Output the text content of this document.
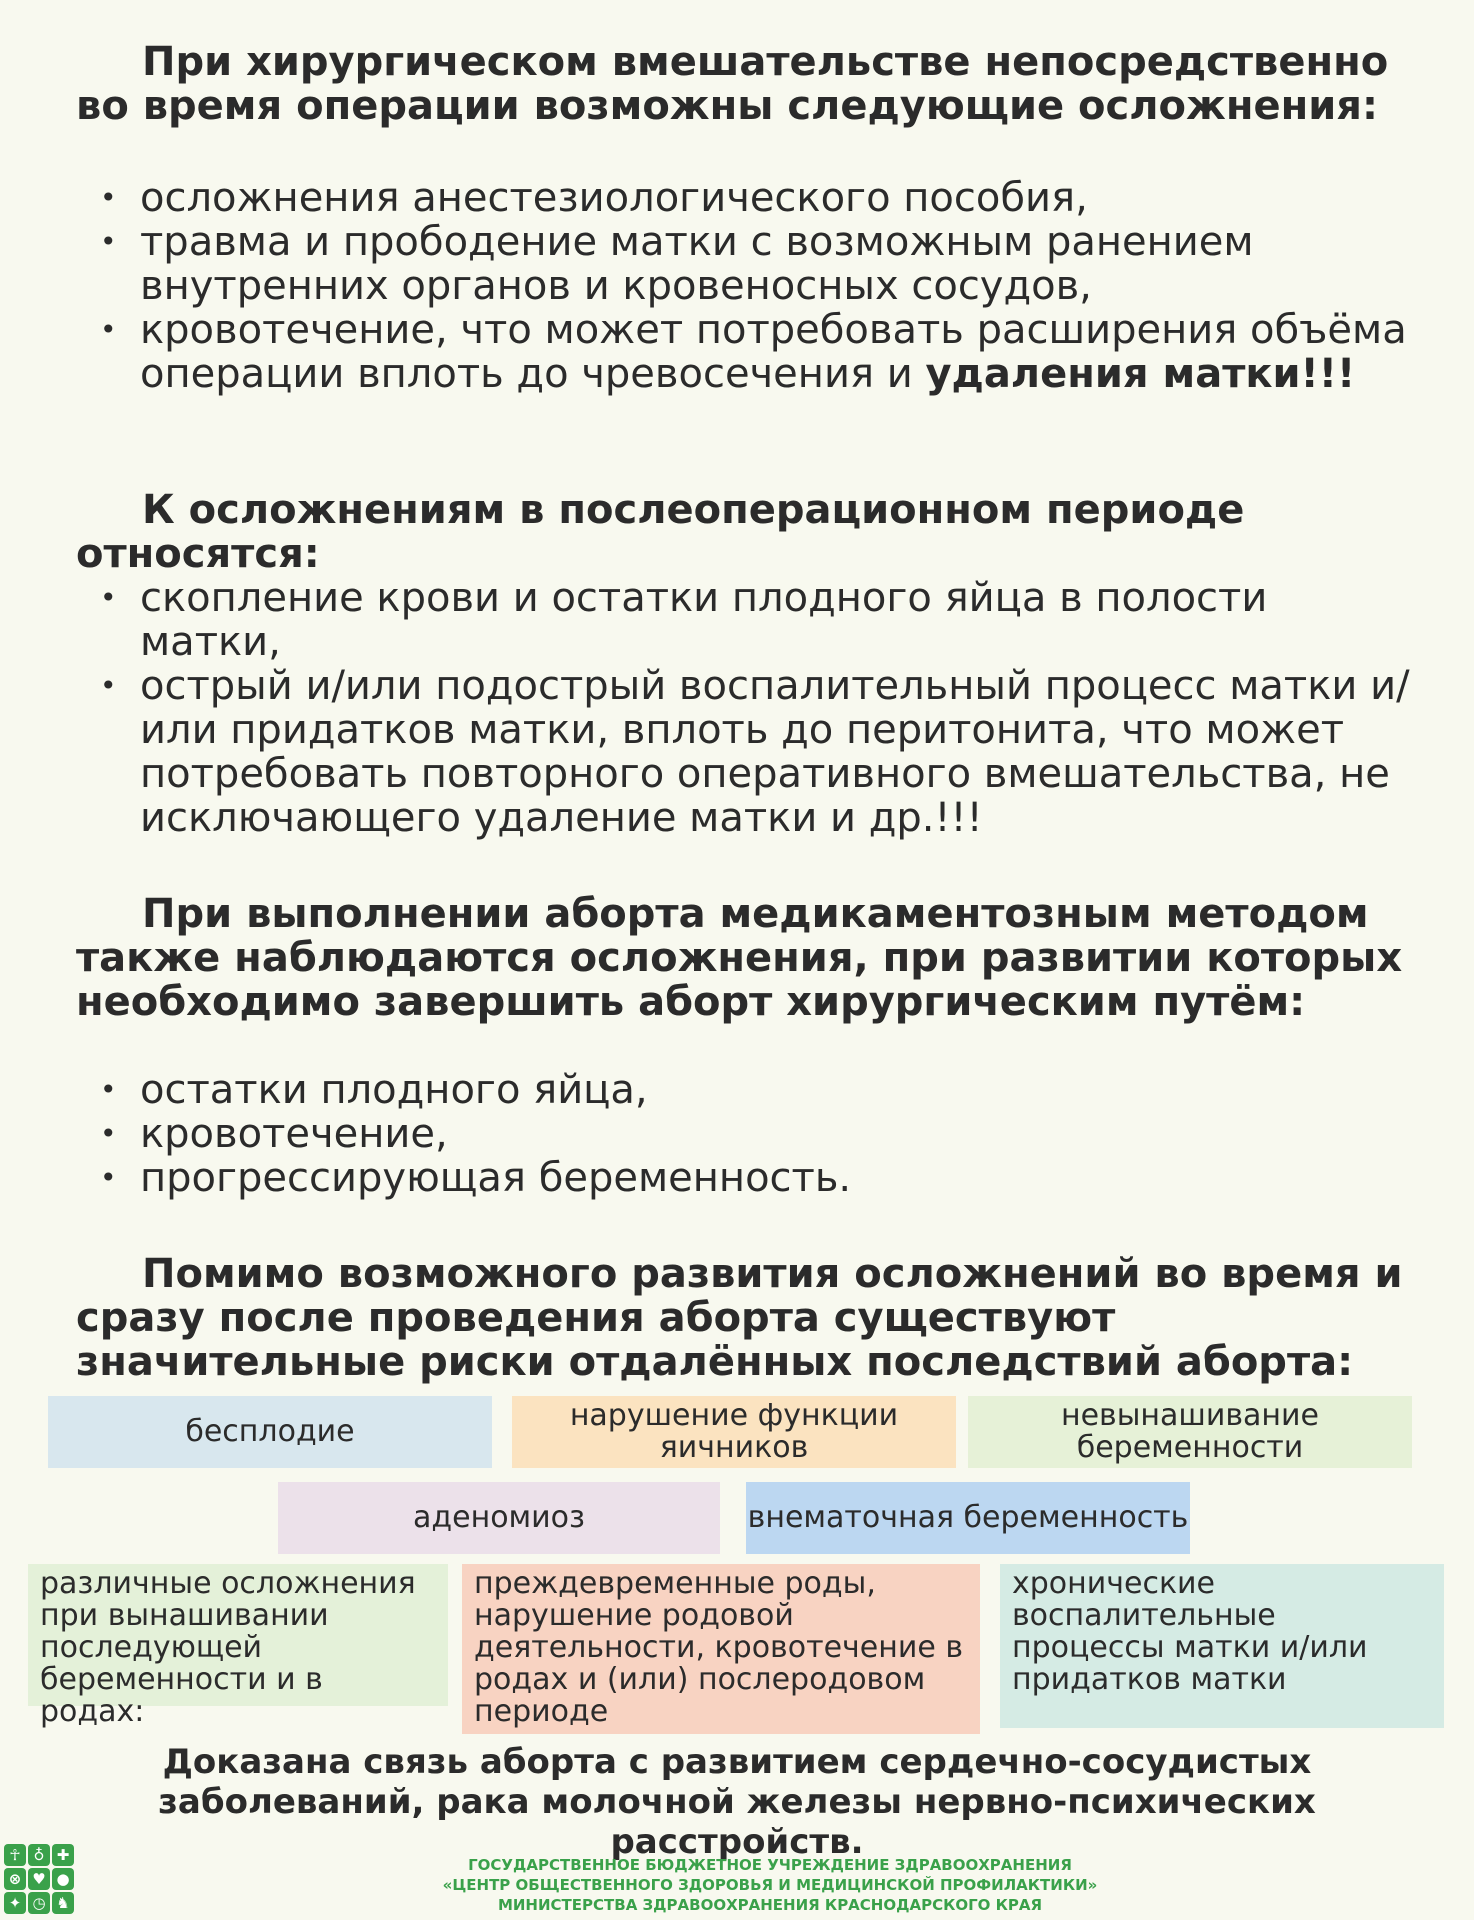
При хирургическом вмешательстве непосредственно во время операции возможны следующие осложнения:

• осложнения анестезиологического пособия,
• травма и прободение матки с возможным ранением внутренних органов и кровеносных сосудов,
• кровотечение, что может потребовать расширения объёма операции вплоть до чревосечения и удаления матки!!!

К осложнениям в послеоперационном периоде относятся:

• скопление крови и остатки плодного яйца в полости матки,
• острый и/или подострый воспалительный процесс матки и/или придатков матки, вплоть до перитонита, что может потребовать повторного оперативного вмешательства, не исключающего удаление матки и др.!!!

При выполнении аборта медикаментозным методом также наблюдаются осложнения, при развитии которых необходимо завершить аборт хирургическим путём:

• остатки плодного яйца,
• кровотечение,
• прогрессирующая беременность.

Помимо возможного развития осложнений во время и сразу после проведения аборта существуют значительные риски отдалённых последствий аборта:

бесплодие	нарушение функции яичников
невынашивание беременности
аденомиоз	внематочная беременность
различные осложнения при вынашивании последующей беременности и в родах:
преждевременные роды, нарушение родовой деятельности, кровотечение в родах и (или) послеродовом периоде
хронические воспалительные процессы матки и/или придатков матки

Доказана связь аборта с развитием сердечно-сосудистых заболеваний, рака молочной железы нервно-психических расстройств.

☥ ♁ ✚
⊗ ♥ ●
✦ ◷ ♞
ГОСУДАРСТВЕННОЕ БЮДЖЕТНОЕ УЧРЕЖДЕНИЕ ЗДРАВООХРАНЕНИЯ
«ЦЕНТР ОБЩЕСТВЕННОГО ЗДОРОВЬЯ И МЕДИЦИНСКОЙ ПРОФИЛАКТИКИ»
МИНИСТЕРСТВА ЗДРАВООХРАНЕНИЯ КРАСНОДАРСКОГО КРАЯ
